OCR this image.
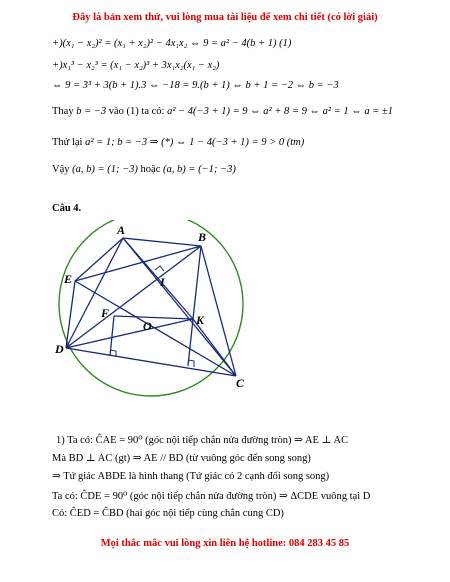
Đây là bản xem thử, vui lòng mua tài liệu để xem chi tiết (có lời giải)
+)(x₁ − x₂)² = (x₁ + x₂)² − 4x₁x₂ ⇔ 9 = a² − 4(b + 1) (1)
+)x₁³ − x₂³ = (x₁ − x₂)³ + 3x₁x₂(x₁ − x₂)
⇔ 9 = 3³ + 3(b + 1).3 ⇔ −18 = 9.(b + 1) ⇔ b + 1 = −2 ⇔ b = −3
Thay b = −3 vào (1) ta có: a² − 4(−3 + 1) = 9 ⇔ a² + 8 = 9 ⇔ a² = 1 ⇔ a = ±1
Thử lại a² = 1; b = −3 ⇒ (*) ⇔ 1 − 4(−3 + 1) = 9 > 0 (tm)
Vậy (a, b) = (1; −3) hoặc (a, b) = (−1; −3)
Câu 4.
A	B
E	I
F	K
O
D
C
1) Ta có: ĈAE = 90⁰ (góc nội tiếp chắn nửa đường tròn) ⇒ AE ⊥ AC
Mà BD ⊥ AC (gt) ⇒ AE // BD (từ vuông góc đến song song)
⇒ Tứ giác ABDE là hình thang (Tứ giác có 2 cạnh đối song song)
Ta có: ĈDE = 90⁰ (góc nội tiếp chắn nửa đường tròn) ⇒ ΔCDE vuông tại D
Có: ĈED = ĈBD (hai góc nội tiếp cùng chắn cung CD)
Mọi thắc mắc vui lòng xin liên hệ hotline: 084 283 45 85
